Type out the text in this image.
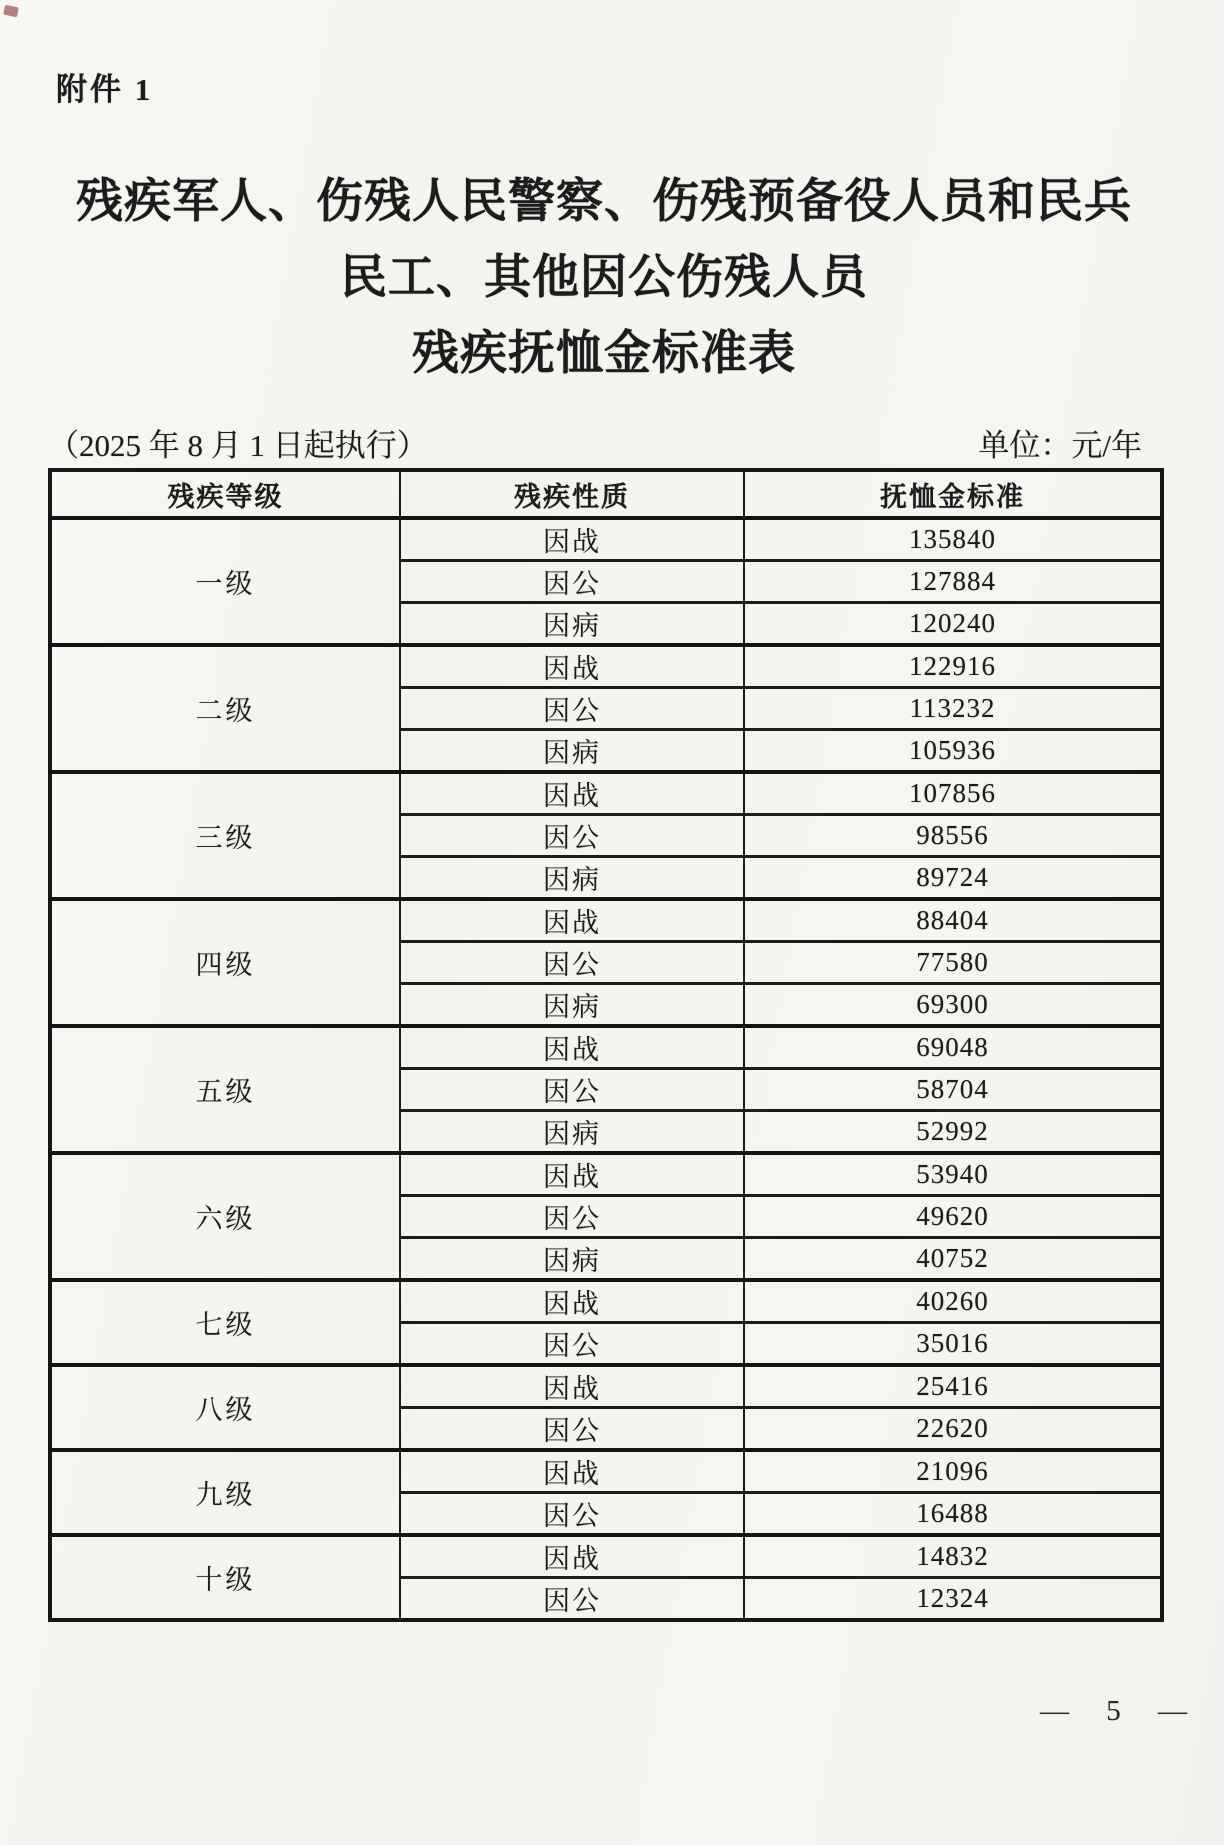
附件 1
残疾军人、伤残人民警察、伤残预备役人员和民兵
民工、其他因公伤残人员
残疾抚恤金标准表
（2025 年 8 月 1 日起执行）	单位：元/年
残疾等级	残疾性质	抚恤金标准
一级	因战	135840
	因公	127884
	因病	120240
二级	因战	122916
	因公	113232
	因病	105936
三级	因战	107856
	因公	98556
	因病	89724
四级	因战	88404
	因公	77580
	因病	69300
五级	因战	69048
	因公	58704
	因病	52992
六级	因战	53940
	因公	49620
	因病	40752
七级	因战	40260
	因公	35016
八级	因战	25416
	因公	22620
九级	因战	21096
	因公	16488
十级	因战	14832
	因公	12324
— 5 —
